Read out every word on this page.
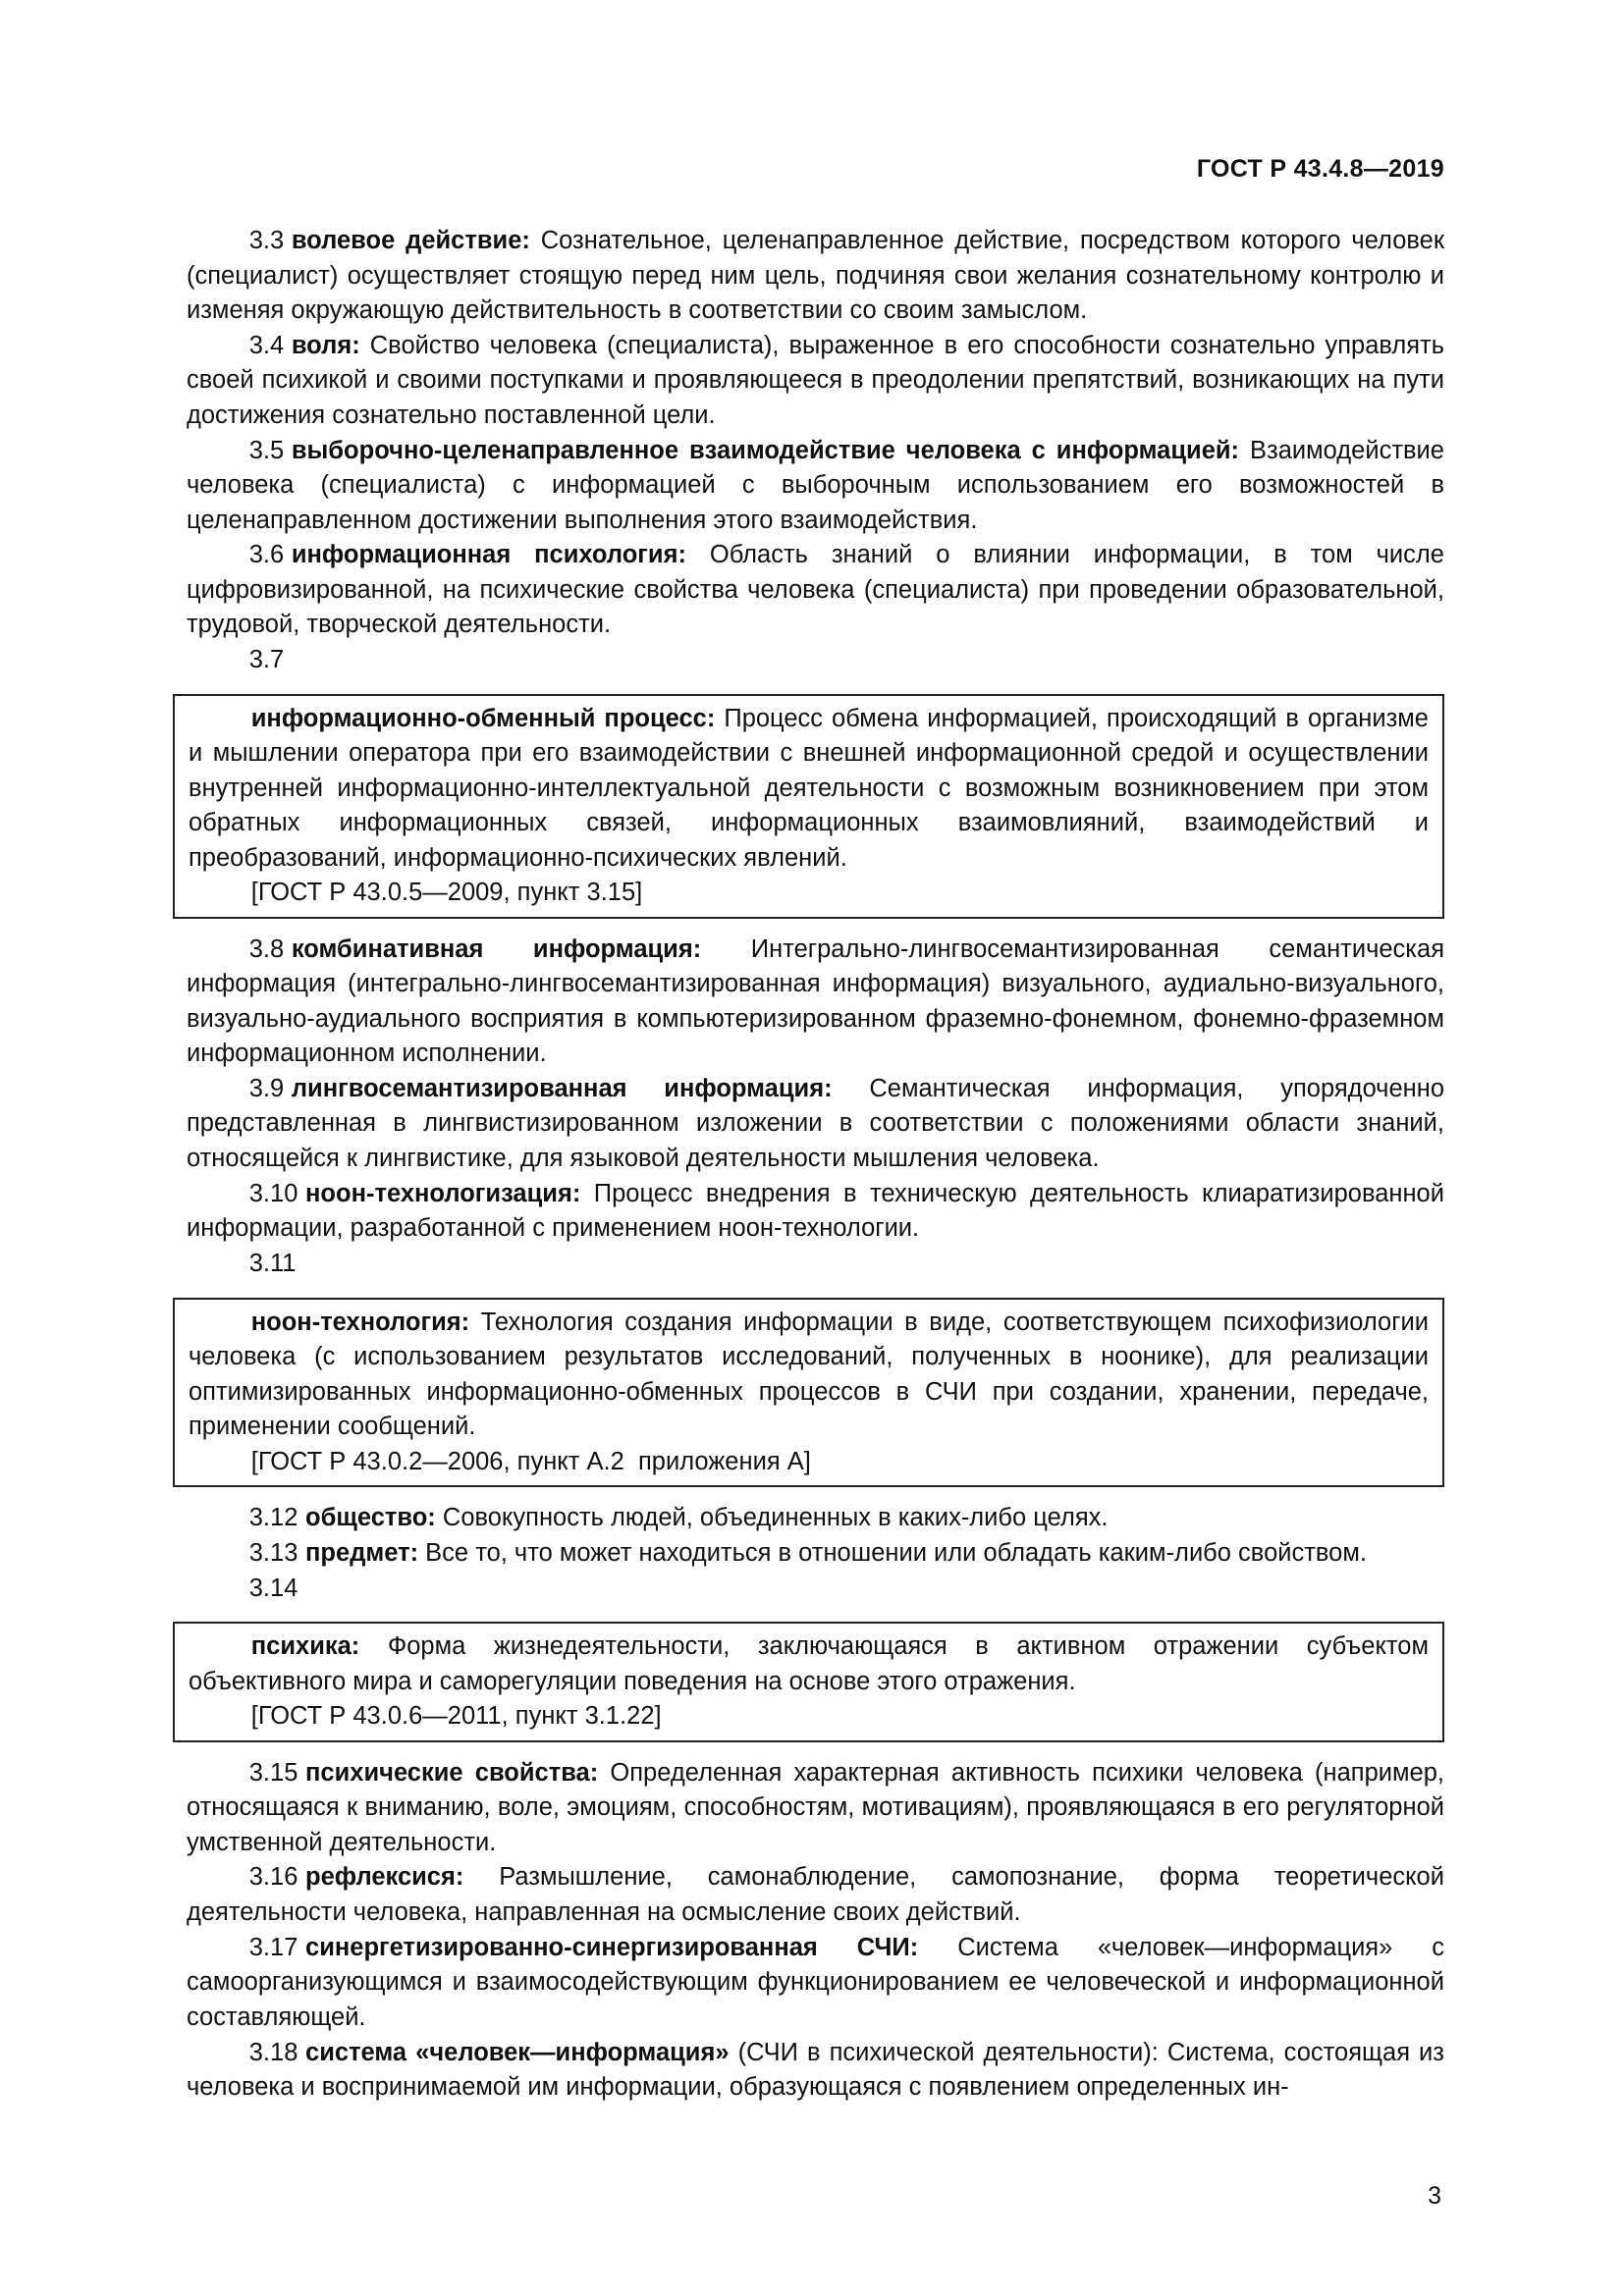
ГОСТ Р 43.4.8—2019
3.3 волевое действие: Сознательное, целенаправленное действие, посредством которого человек (специалист) осуществляет стоящую перед ним цель, подчиняя свои желания сознательному контролю и изменяя окружающую действительность в соответствии со своим замыслом.
3.4 воля: Свойство человека (специалиста), выраженное в его способности сознательно управлять своей психикой и своими поступками и проявляющееся в преодолении препятствий, возникающих на пути достижения сознательно поставленной цели.
3.5 выборочно-целенаправленное взаимодействие человека с информацией: Взаимодействие человека (специалиста) с информацией с выборочным использованием его возможностей в целенаправленном достижении выполнения этого взаимодействия.
3.6 информационная психология: Область знаний о влиянии информации, в том числе цифровизированной, на психические свойства человека (специалиста) при проведении образовательной, трудовой, творческой деятельности.
3.7
информационно-обменный процесс: Процесс обмена информацией, происходящий в организме и мышлении оператора при его взаимодействии с внешней информационной средой и осуществлении внутренней информационно-интеллектуальной деятельности с возможным возникновением при этом обратных информационных связей, информационных взаимовлияний, взаимодействий и преобразований, информационно-психических явлений.
[ГОСТ Р 43.0.5—2009, пункт 3.15]
3.8 комбинативная информация: Интегрально-лингвосемантизированная семантическая информация (интегрально-лингвосемантизированная информация) визуального, аудиально-визуального, визуально-аудиального восприятия в компьютеризированном фраземно-фонемном, фонемно-фраземном информационном исполнении.
3.9 лингвосемантизированная информация: Семантическая информация, упорядоченно представленная в лингвистизированном изложении в соответствии с положениями области знаний, относящейся к лингвистике, для языковой деятельности мышления человека.
3.10 ноон-технологизация: Процесс внедрения в техническую деятельность клиаратизированной информации, разработанной с применением ноон-технологии.
3.11
ноон-технология: Технология создания информации в виде, соответствующем психофизиологии человека (с использованием результатов исследований, полученных в ноонике), для реализации оптимизированных информационно-обменных процессов в СЧИ при создании, хранении, передаче, применении сообщений.
[ГОСТ Р 43.0.2—2006, пункт А.2  приложения А]
3.12 общество: Совокупность людей, объединенных в каких-либо целях.
3.13 предмет: Все то, что может находиться в отношении или обладать каким-либо свойством.
3.14
психика: Форма жизнедеятельности, заключающаяся в активном отражении субъектом объективного мира и саморегуляции поведения на основе этого отражения.
[ГОСТ Р 43.0.6—2011, пункт 3.1.22]
3.15 психические свойства: Определенная характерная активность психики человека (например, относящаяся к вниманию, воле, эмоциям, способностям, мотивациям), проявляющаяся в его регуляторной умственной деятельности.
3.16 рефлексися: Размышление, самонаблюдение, самопознание, форма теоретической деятельности человека, направленная на осмысление своих действий.
3.17 синергетизированно-синергизированная СЧИ: Система «человек—информация» с самоорганизующимся и взаимосодействующим функционированием ее человеческой и информационной составляющей.
3.18 система «человек—информация» (СЧИ в психической деятельности): Система, состоящая из человека и воспринимаемой им информации, образующаяся с появлением определенных ин-
3
